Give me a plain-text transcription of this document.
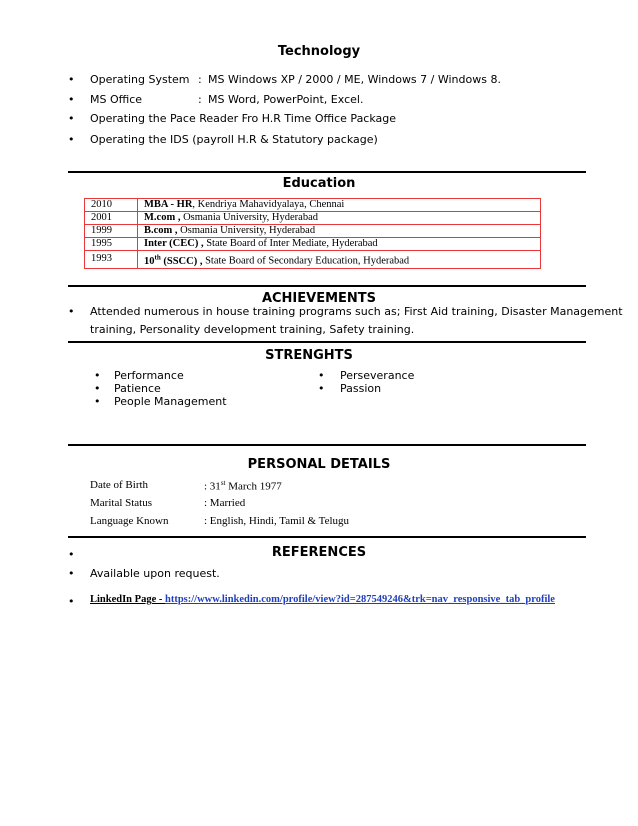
Technology
• Operating System : MS Windows XP / 2000 / ME, Windows 7 / Windows 8.
• MS Office	: MS Word, PowerPoint, Excel.
• Operating the Pace Reader Fro H.R Time Office Package
• Operating the IDS (payroll H.R & Statutory package)
Education
2010	MBA - HR, Kendriya Mahavidyalaya, Chennai
2001	M.com , Osmania University, Hyderabad
1999	B.com , Osmania University, Hyderabad
1995	Inter (CEC) , State Board of Inter Mediate, Hyderabad
1993	10th (SSCC) , State Board of Secondary Education, Hyderabad
ACHIEVEMENTS
• Attended numerous in house training programs such as; First Aid training, Disaster Management
training, Personality development training, Safety training.
STRENGHTS
• Performance
• Patience
• People Management
• Perseverance
• Passion
PERSONAL DETAILS
Date of Birth	: 31st March 1977
Marital Status	: Married
Language Known	: English, Hindi, Tamil & Telugu
•	REFERENCES
• Available upon request.
• LinkedIn Page - https://www.linkedin.com/profile/view?id=287549246&trk=nav_responsive_tab_profile
